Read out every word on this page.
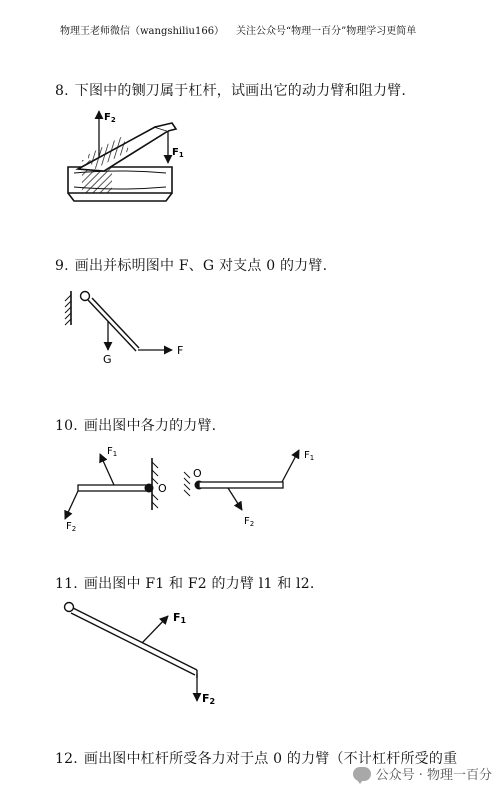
物理王老师微信（wangshiliu166） 关注公众号“物理一百分”物理学习更简单
8. 下图中的铡刀属于杠杆，试画出它的动力臂和阻力臂.
$F_2$
$F_1$
9. 画出并标明图中 F、G 对支点 0 的力臂.
F
G
10. 画出图中各力的力臂.
O
$F_1$
$F_2$
O
$F_1$
$F_2$
11. 画出图中 F1 和 F2 的力臂 l1 和 l2.
F1
F2
12. 画出图中杠杆所受各力对于点 0 的力臂（不计杠杆所受的重
公众号 · 物理一百分
